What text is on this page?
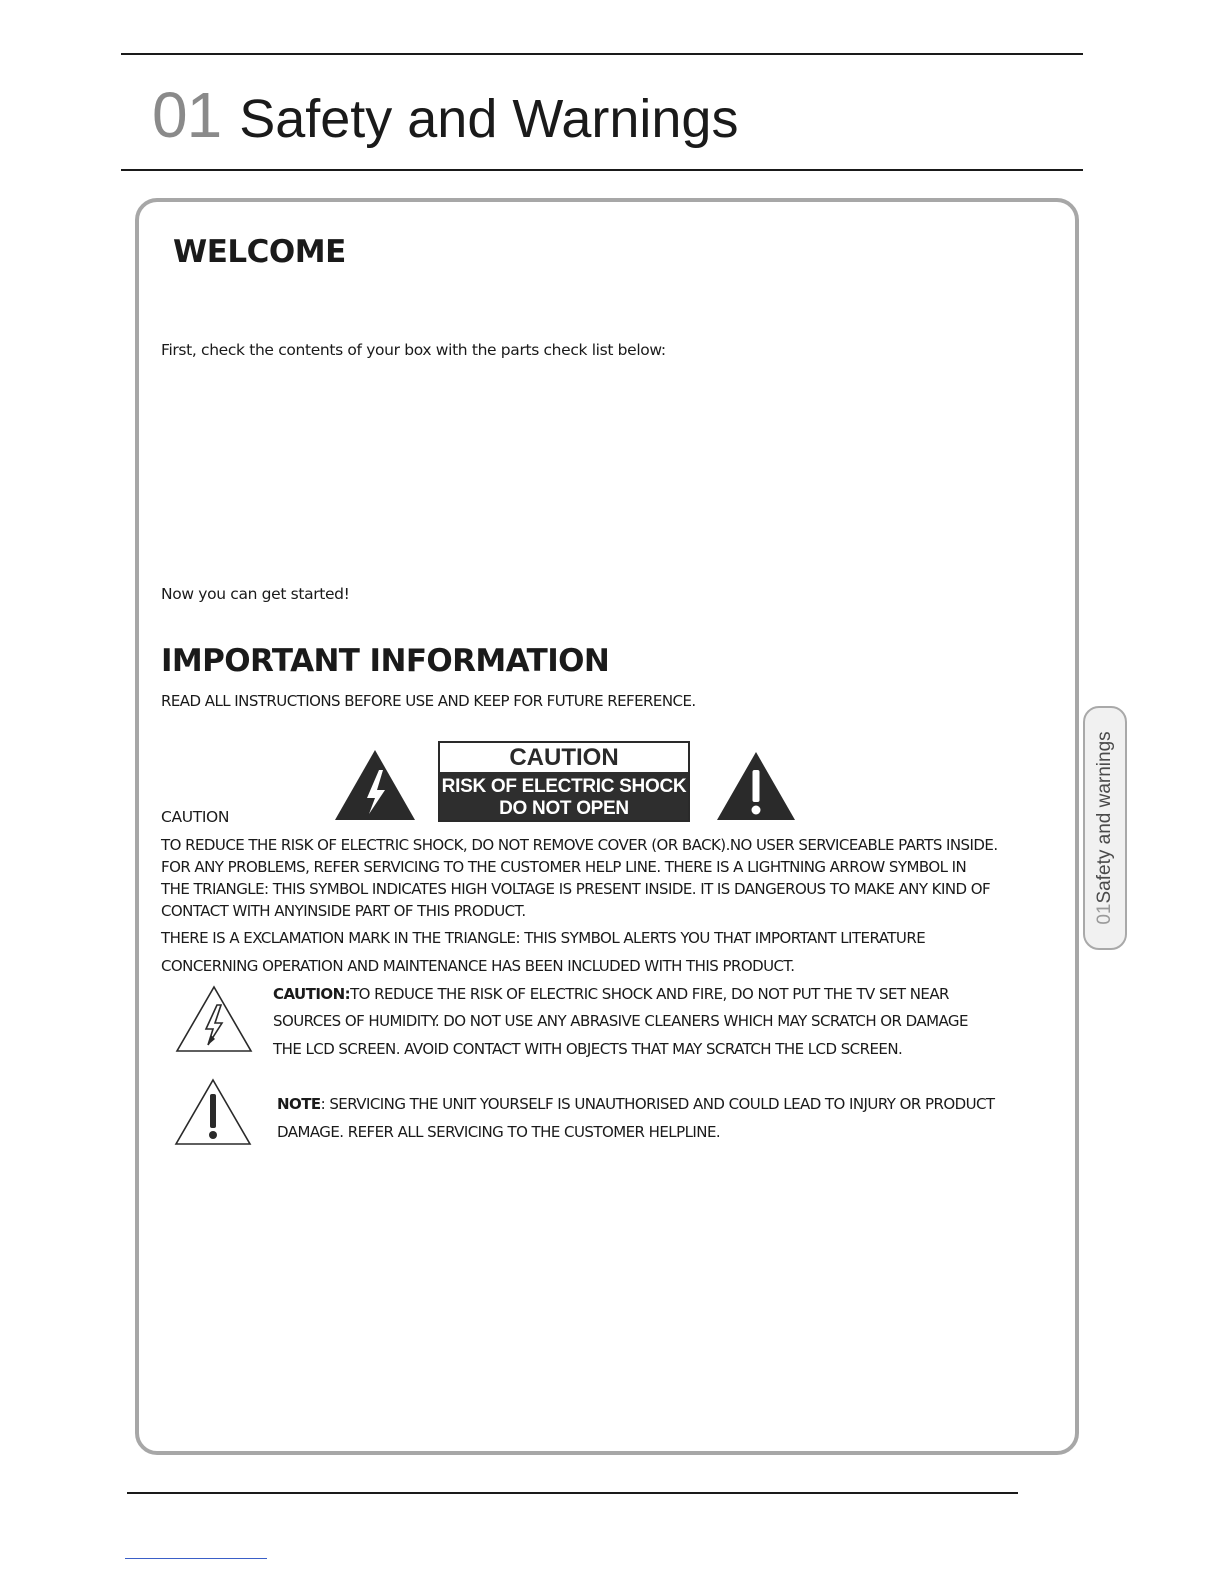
01 Safety and Warnings
01Safety and warnings
WELCOME
First, check the contents of your box with the parts check list below:
Now you can get started!
IMPORTANT INFORMATION
READ ALL INSTRUCTIONS BEFORE USE AND KEEP FOR FUTURE REFERENCE.
CAUTION
RISK OF ELECTRIC SHOCK
DO NOT OPEN
CAUTION
TO REDUCE THE RISK OF ELECTRIC SHOCK, DO NOT REMOVE COVER (OR BACK).NO USER SERVICEABLE PARTS INSIDE.
FOR ANY PROBLEMS, REFER SERVICING TO THE CUSTOMER HELP LINE. THERE IS A LIGHTNING ARROW SYMBOL IN
THE TRIANGLE: THIS SYMBOL INDICATES HIGH VOLTAGE IS PRESENT INSIDE. IT IS DANGEROUS TO MAKE ANY KIND OF
CONTACT WITH ANYINSIDE PART OF THIS PRODUCT.
THERE IS A EXCLAMATION MARK IN THE TRIANGLE: THIS SYMBOL ALERTS YOU THAT IMPORTANT LITERATURE
CONCERNING OPERATION AND MAINTENANCE HAS BEEN INCLUDED WITH THIS PRODUCT.
CAUTION:TO REDUCE THE RISK OF ELECTRIC SHOCK AND FIRE, DO NOT PUT THE TV SET NEAR
SOURCES OF HUMIDITY. DO NOT USE ANY ABRASIVE CLEANERS WHICH MAY SCRATCH OR DAMAGE
THE LCD SCREEN. AVOID CONTACT WITH OBJECTS THAT MAY SCRATCH THE LCD SCREEN.
NOTE: SERVICING THE UNIT YOURSELF IS UNAUTHORISED AND COULD LEAD TO INJURY OR PRODUCT
DAMAGE. REFER ALL SERVICING TO THE CUSTOMER HELPLINE.
